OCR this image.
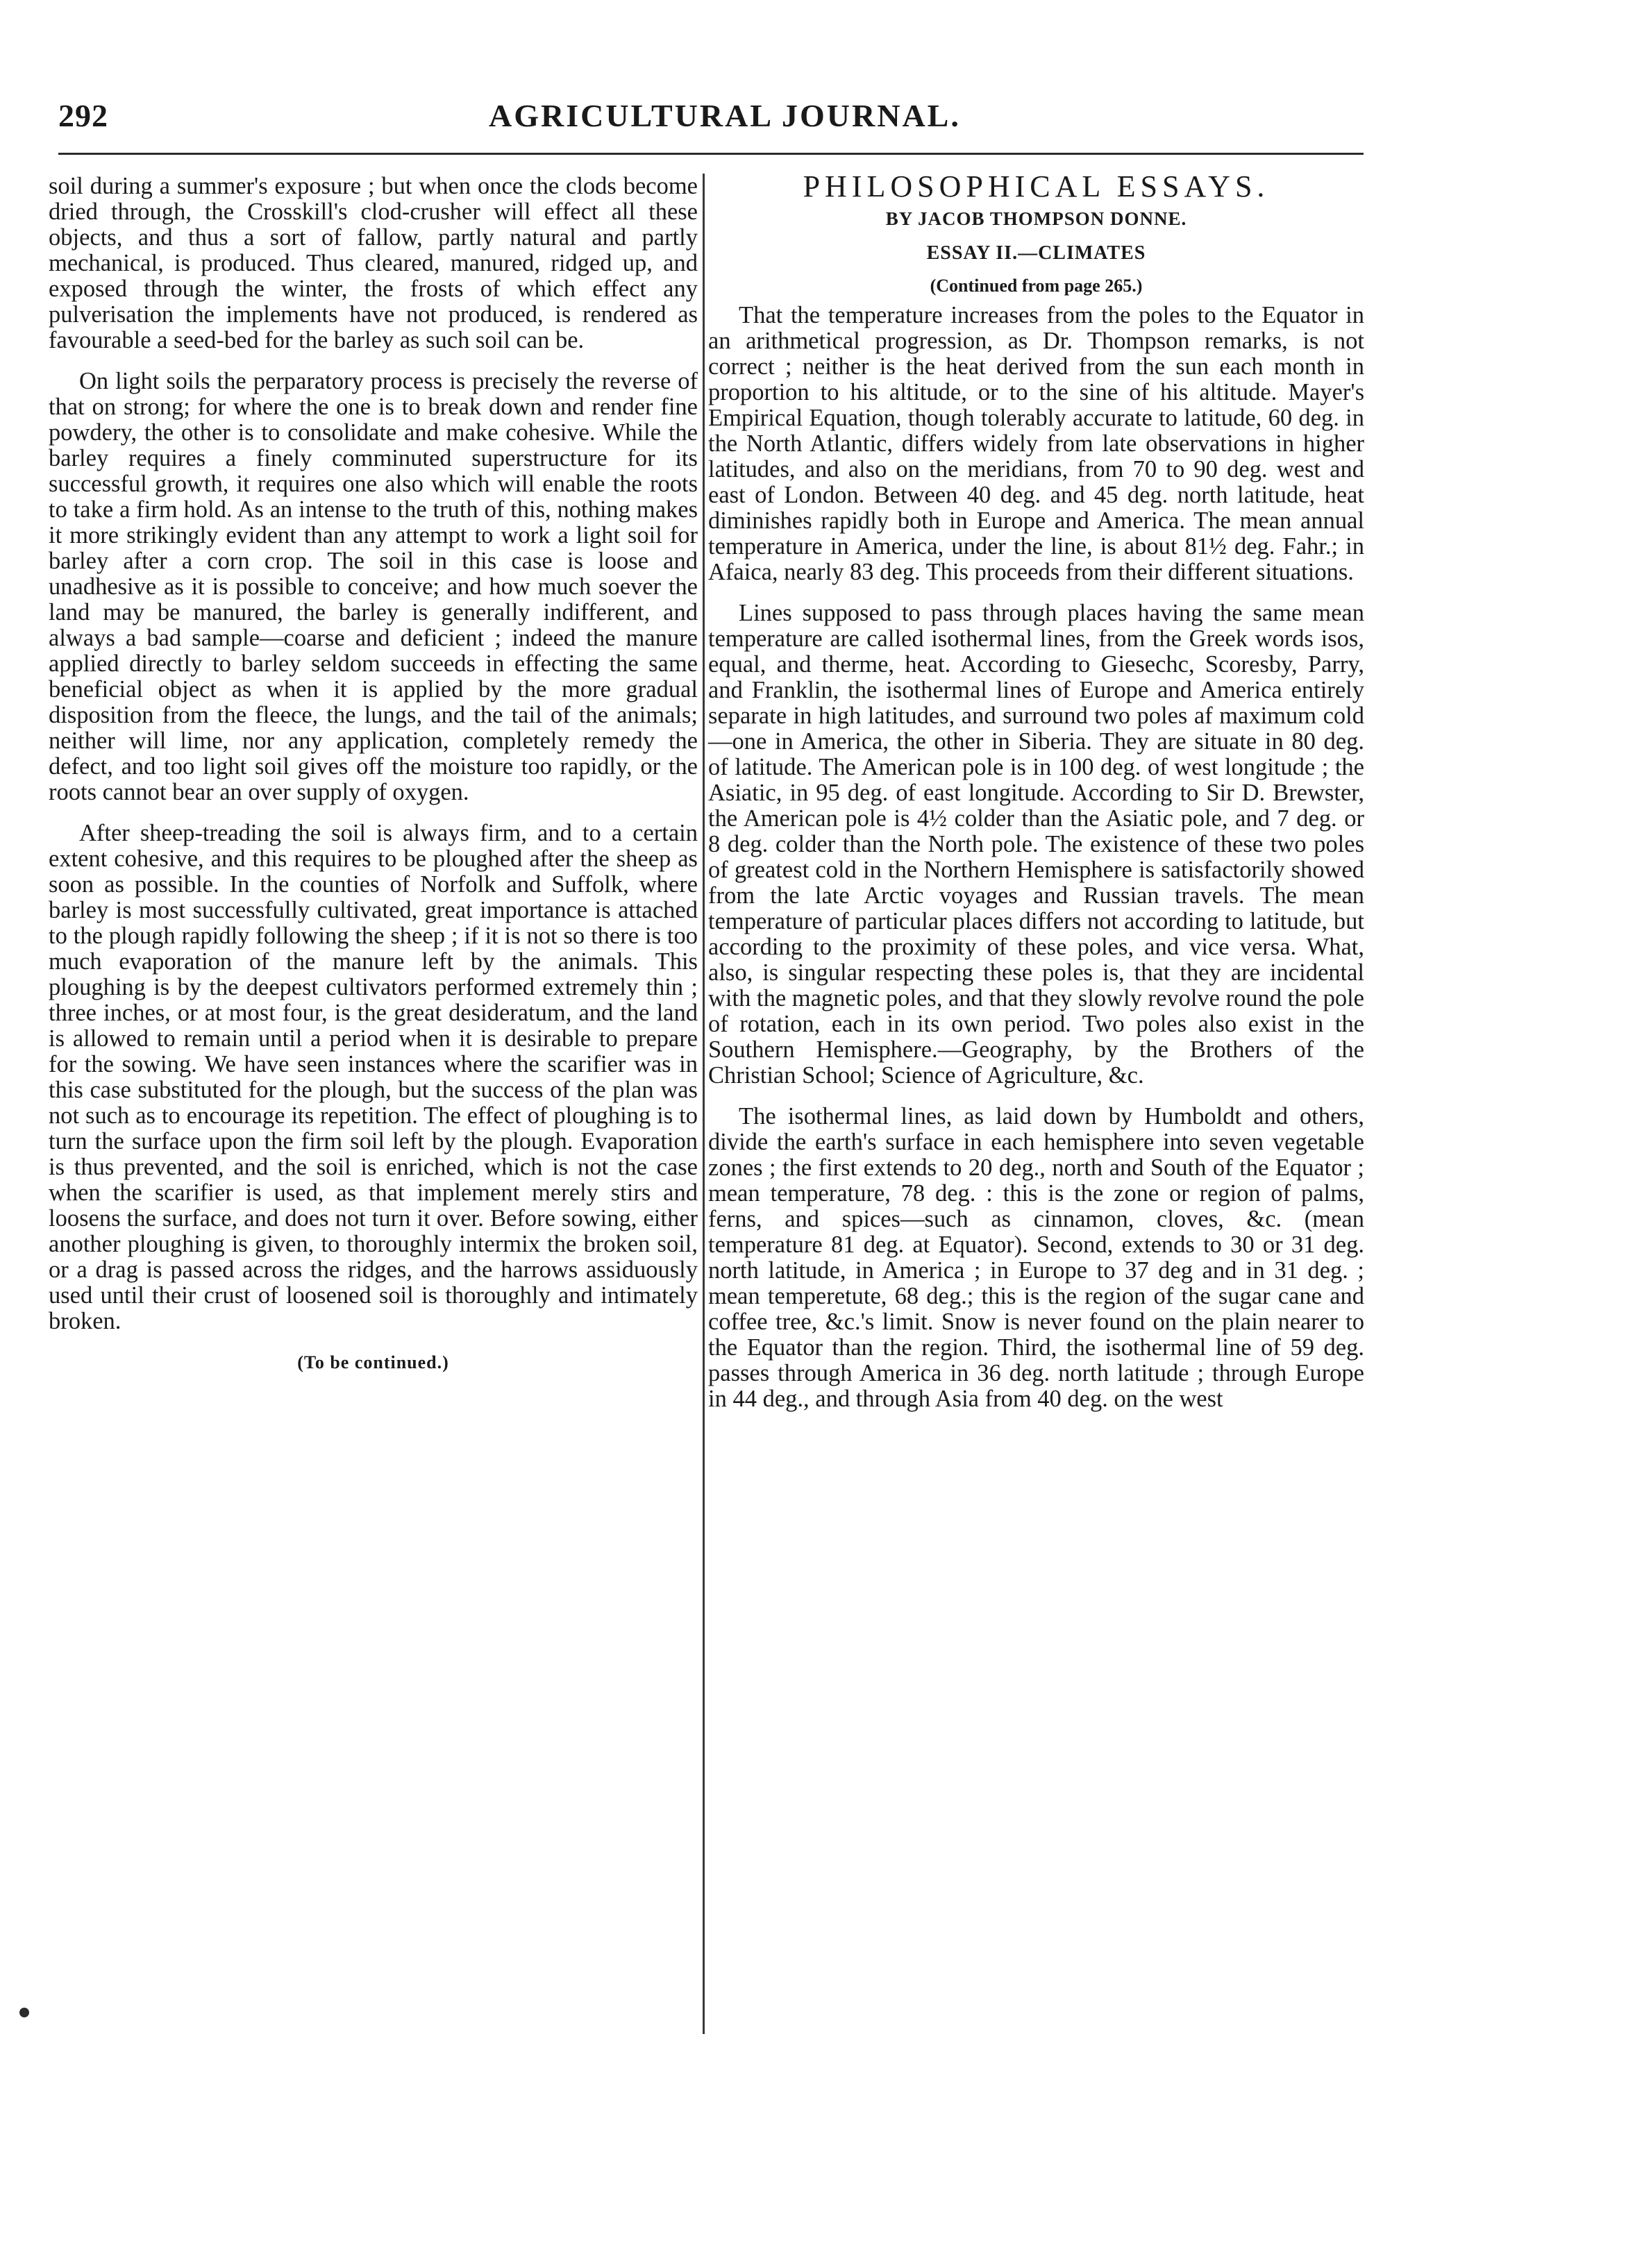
292	AGRICULTURAL JOURNAL.

soil during a summer's exposure ; but when once the clods become dried through, the Crosskill's clod-crusher will effect all these objects, and thus a sort of fallow, partly natural and partly mechanical, is produced. Thus cleared, manured, ridged up, and exposed through the winter, the frosts of which effect any pulverisation the implements have not produced, is rendered as favourable a seed-bed for the barley as such soil can be.

On light soils the perparatory process is precisely the reverse of that on strong; for where the one is to break down and render fine powdery, the other is to consolidate and make cohesive. While the barley requires a finely comminuted superstructure for its successful growth, it requires one also which will enable the roots to take a firm hold. As an intense to the truth of this, nothing makes it more strikingly evident than any attempt to work a light soil for barley after a corn crop. The soil in this case is loose and unadhesive as it is possible to conceive; and how much soever the land may be manured, the barley is generally indifferent, and always a bad sample—coarse and deficient ; indeed the manure applied directly to barley seldom succeeds in effecting the same beneficial object as when it is applied by the more gradual disposition from the fleece, the lungs, and the tail of the animals; neither will lime, nor any application, completely remedy the defect, and too light soil gives off the moisture too rapidly, or the roots cannot bear an over supply of oxygen.

After sheep-treading the soil is always firm, and to a certain extent cohesive, and this requires to be ploughed after the sheep as soon as possible. In the counties of Norfolk and Suffolk, where barley is most successfully cultivated, great importance is attached to the plough rapidly following the sheep ; if it is not so there is too much evaporation of the manure left by the animals. This ploughing is by the deepest cultivators performed extremely thin ; three inches, or at most four, is the great desideratum, and the land is allowed to remain until a period when it is desirable to prepare for the sowing. We have seen instances where the scarifier was in this case substituted for the plough, but the success of the plan was not such as to encourage its repetition. The effect of ploughing is to turn the surface upon the firm soil left by the plough. Evaporation is thus prevented, and the soil is enriched, which is not the case when the scarifier is used, as that implement merely stirs and loosens the surface, and does not turn it over. Before sowing, either another ploughing is given, to thoroughly intermix the broken soil, or a drag is passed across the ridges, and the harrows assiduously used until their crust of loosened soil is thoroughly and intimately broken.

(To be continued.)
PHILOSOPHICAL ESSAYS.
BY JACOB THOMPSON DONNE.
ESSAY II.—CLIMATES
(Continued from page 265.)

That the temperature increases from the poles to the Equator in an arithmetical progression, as Dr. Thompson remarks, is not correct ; neither is the heat derived from the sun each month in proportion to his altitude, or to the sine of his altitude. Mayer's Empirical Equation, though tolerably accurate to latitude, 60 deg. in the North Atlantic, differs widely from late observations in higher latitudes, and also on the meridians, from 70 to 90 deg. west and east of London. Between 40 deg. and 45 deg. north latitude, heat diminishes rapidly both in Europe and America. The mean annual temperature in America, under the line, is about 81½ deg. Fahr.; in Afaica, nearly 83 deg. This proceeds from their different situations.

Lines supposed to pass through places having the same mean temperature are called isothermal lines, from the Greek words isos, equal, and therme, heat. According to Giesechc, Scoresby, Parry, and Franklin, the isothermal lines of Europe and America entirely separate in high latitudes, and surround two poles af maximum cold—one in America, the other in Siberia. They are situate in 80 deg. of latitude. The American pole is in 100 deg. of west longitude ; the Asiatic, in 95 deg. of east longitude. According to Sir D. Brewster, the American pole is 4½ colder than the Asiatic pole, and 7 deg. or 8 deg. colder than the North pole. The existence of these two poles of greatest cold in the Northern Hemisphere is satisfactorily showed from the late Arctic voyages and Russian travels. The mean temperature of particular places differs not according to latitude, but according to the proximity of these poles, and vice versa. What, also, is singular respecting these poles is, that they are incidental with the magnetic poles, and that they slowly revolve round the pole of rotation, each in its own period. Two poles also exist in the Southern Hemisphere.—Geography, by the Brothers of the Christian School; Science of Agriculture, &c.

The isothermal lines, as laid down by Humboldt and others, divide the earth's surface in each hemisphere into seven vegetable zones ; the first extends to 20 deg., north and South of the Equator ; mean temperature, 78 deg. : this is the zone or region of palms, ferns, and spices—such as cinnamon, cloves, &c. (mean temperature 81 deg. at Equator). Second, extends to 30 or 31 deg. north latitude, in America ; in Europe to 37 deg and in 31 deg. ; mean temperetute, 68 deg.; this is the region of the sugar cane and coffee tree, &c.'s limit. Snow is never found on the plain nearer to the Equator than the region. Third, the isothermal line of 59 deg. passes through America in 36 deg. north latitude ; through Europe in 44 deg., and through Asia from 40 deg. on the west
